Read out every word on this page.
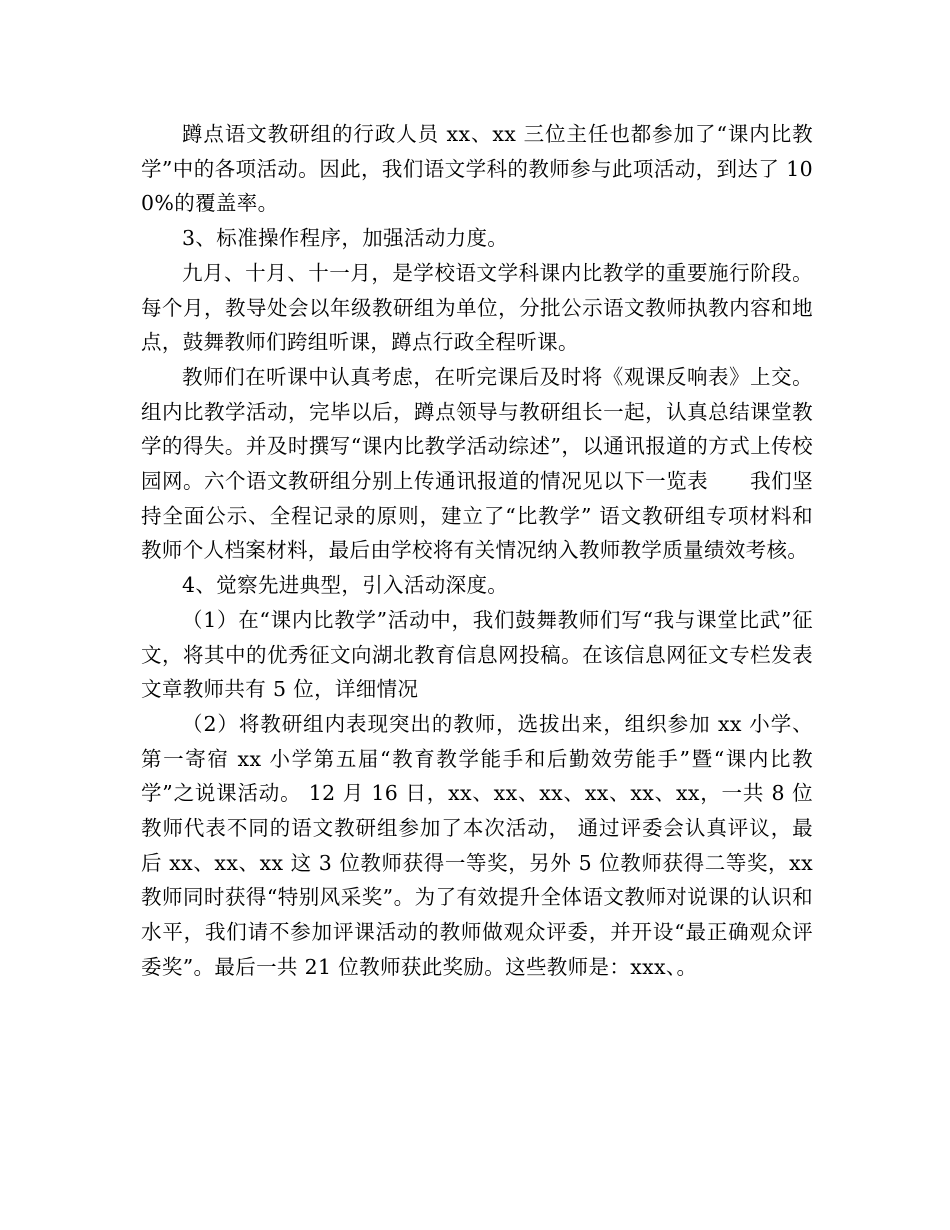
蹲点语文教研组的行政人员 xx、xx 三位主任也都参加了“课内比教学”中的各项活动。因此，我们语文学科的教师参与此项活动，到达了 100%的覆盖率。

3、标准操作程序，加强活动力度。

九月、十月、十一月，是学校语文学科课内比教学的重要施行阶段。每个月，教导处会以年级教研组为单位，分批公示语文教师执教内容和地点，鼓舞教师们跨组听课，蹲点行政全程听课。

教师们在听课中认真考虑，在听完课后及时将《观课反响表》上交。组内比教学活动，完毕以后，蹲点领导与教研组长一起，认真总结课堂教学的得失。并及时撰写“课内比教学活动综述”，以通讯报道的方式上传校园网。六个语文教研组分别上传通讯报道的情况见以下一览表　　我们坚持全面公示、全程记录的原则，建立了“比教学” 语文教研组专项材料和教师个人档案材料，最后由学校将有关情况纳入教师教学质量绩效考核。

4、觉察先进典型，引入活动深度。

（1）在“课内比教学”活动中，我们鼓舞教师们写“我与课堂比武”征文，将其中的优秀征文向湖北教育信息网投稿。在该信息网征文专栏发表文章教师共有 5 位，详细情况

（2）将教研组内表现突出的教师，选拔出来，组织参加 xx 小学、第一寄宿 xx 小学第五届“教育教学能手和后勤效劳能手”暨“课内比教学”之说课活动。 12 月 16 日，xx、xx、xx、xx、xx、xx，一共 8 位教师代表不同的语文教研组参加了本次活动， 通过评委会认真评议，最后 xx、xx、xx 这 3 位教师获得一等奖，另外 5 位教师获得二等奖，xx 教师同时获得“特别风采奖”。为了有效提升全体语文教师对说课的认识和水平，我们请不参加评课活动的教师做观众评委，并开设“最正确观众评委奖”。最后一共 21 位教师获此奖励。这些教师是：xxx、。
